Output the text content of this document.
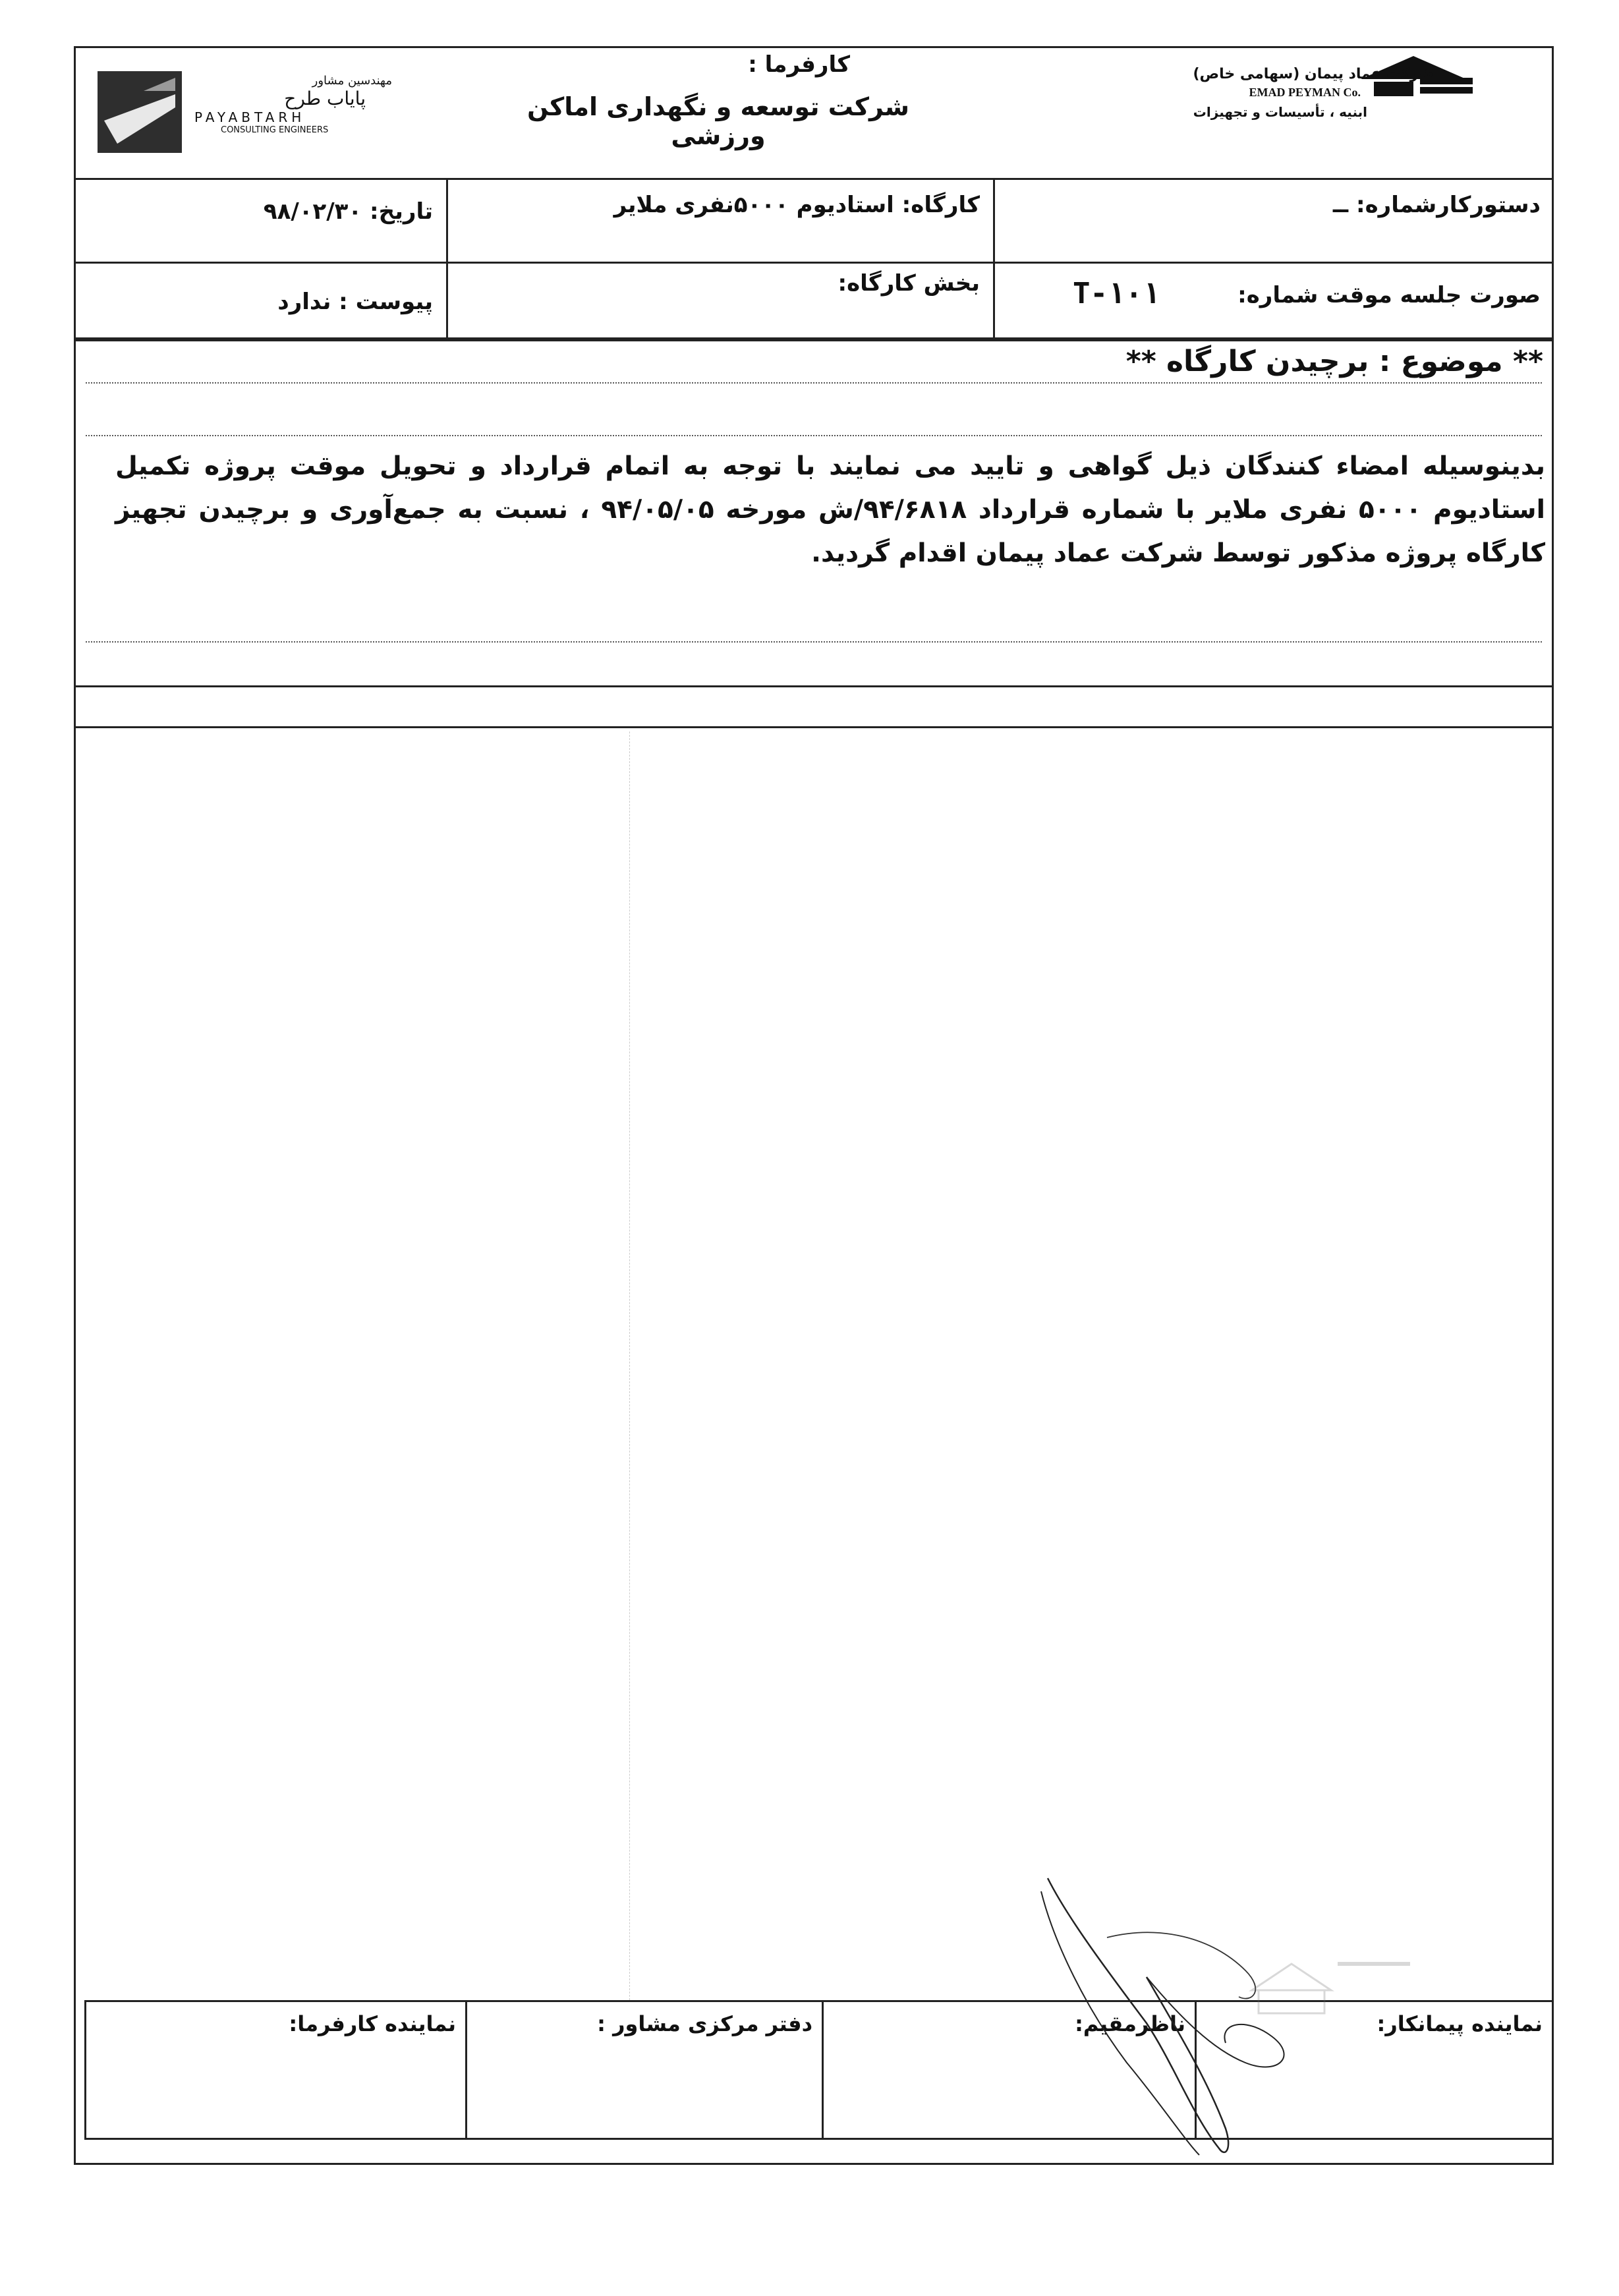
شرکت عماد پیمان (سهامی خاص)
EMAD PEYMAN Co.
ابنیه ، تأسیسات و تجهیزات
مهندسین مشاور
پایاب طرح
PAYABTARH
CONSULTING ENGINEERS
کارفرما :
شرکت توسعه و نگهداری اماکن ورزشی
دستورکارشماره: ــ
کارگاه: استادیوم ۵۰۰۰نفری ملایر
تاریخ: ۹۸/۰۲/۳۰
صورت جلسه موقت شماره:
T-۱۰۱
بخش کارگاه:
پیوست : ندارد
** موضوع : برچیدن کارگاه **
بدینوسیله امضاء کنندگان ذیل گواهی و تایید می نمایند با توجه به اتمام قرارداد و تحویل موقت پروژه تکمیل استادیوم ۵۰۰۰ نفری ملایر با شماره قرارداد ۹۴/۶۸۱۸/ش مورخه ۹۴/۰۵/۰۵ ، نسبت به جمع‌آوری و برچیدن تجهیز کارگاه پروژه مذکور توسط شرکت عماد پیمان اقدام گردید.
نماینده پیمانکار:
ناظرمقیم:
دفتر مرکزی مشاور :
نماینده کارفرما:
